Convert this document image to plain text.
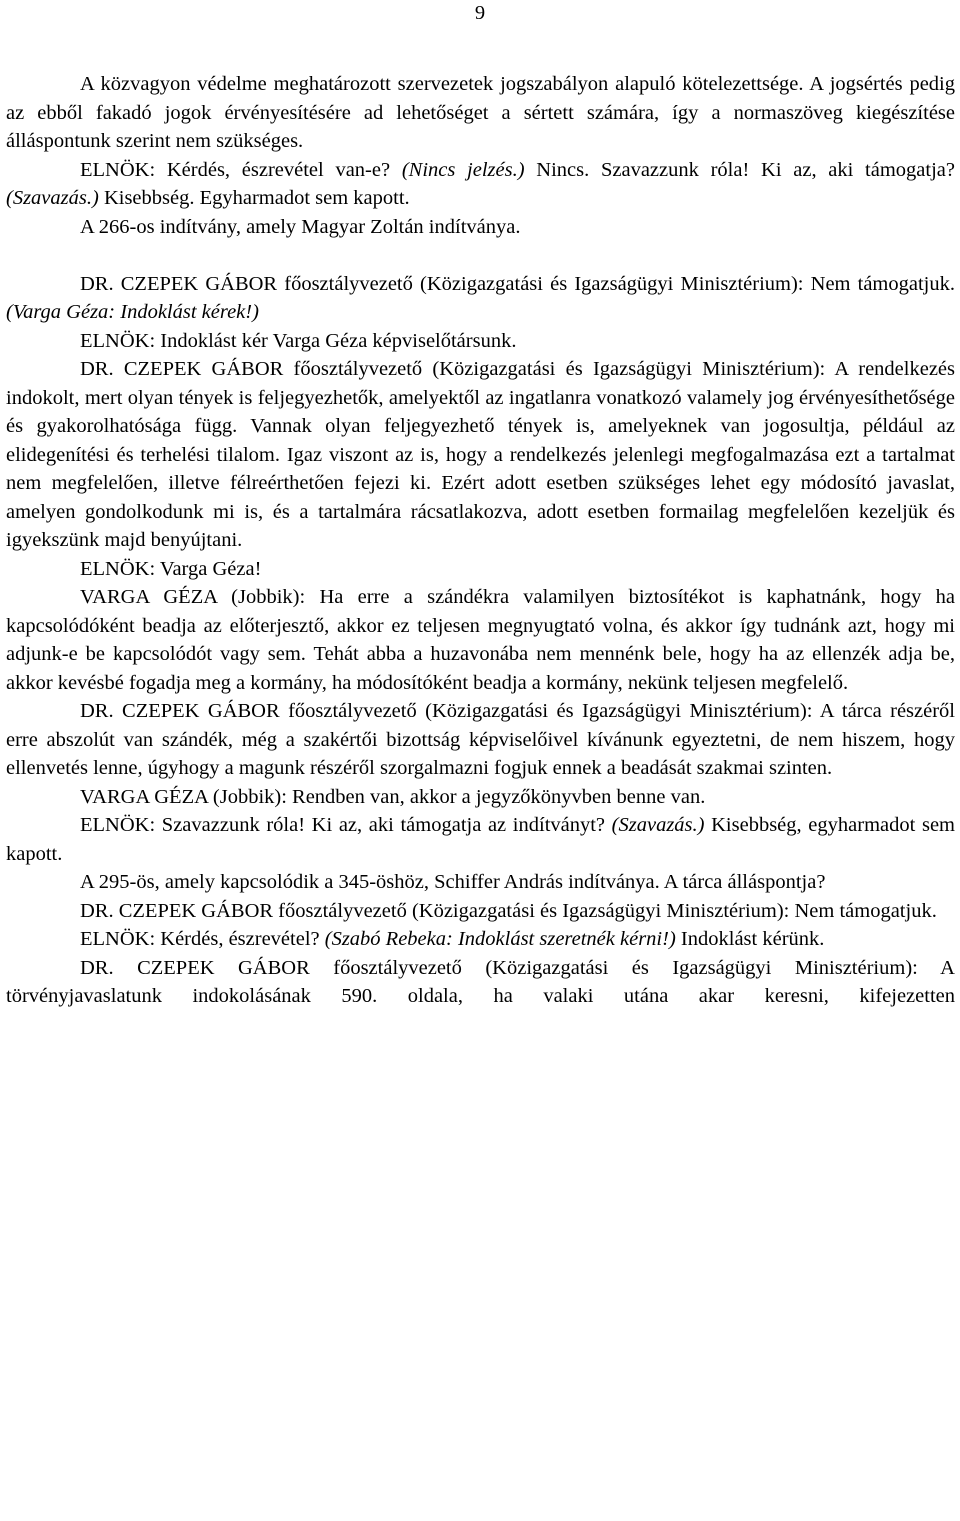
9

A közvagyon védelme meghatározott szervezetek jogszabályon alapuló kötelezettsége. A jogsértés pedig az ebből fakadó jogok érvényesítésére ad lehetőséget a sértett számára, így a normaszöveg kiegészítése álláspontunk szerint nem szükséges.

ELNÖK: Kérdés, észrevétel van-e? (Nincs jelzés.) Nincs. Szavazzunk róla! Ki az, aki támogatja? (Szavazás.) Kisebbség. Egyharmadot sem kapott.

A 266-os indítvány, amely Magyar Zoltán indítványa.

DR. CZEPEK GÁBOR főosztályvezető (Közigazgatási és Igazságügyi Minisztérium): Nem támogatjuk. (Varga Géza: Indoklást kérek!)

ELNÖK: Indoklást kér Varga Géza képviselőtársunk.

DR. CZEPEK GÁBOR főosztályvezető (Közigazgatási és Igazságügyi Minisztérium): A rendelkezés indokolt, mert olyan tények is feljegyezhetők, amelyektől az ingatlanra vonatkozó valamely jog érvényesíthetősége és gyakorolhatósága függ. Vannak olyan feljegyezhető tények is, amelyeknek van jogosultja, például az elidegenítési és terhelési tilalom. Igaz viszont az is, hogy a rendelkezés jelenlegi megfogalmazása ezt a tartalmat nem megfelelően, illetve félreérthetően fejezi ki. Ezért adott esetben szükséges lehet egy módosító javaslat, amelyen gondolkodunk mi is, és a tartalmára rácsatlakozva, adott esetben formailag megfelelően kezeljük és igyekszünk majd benyújtani.

ELNÖK: Varga Géza!

VARGA GÉZA (Jobbik): Ha erre a szándékra valamilyen biztosítékot is kaphatnánk, hogy ha kapcsolódóként beadja az előterjesztő, akkor ez teljesen megnyugtató volna, és akkor így tudnánk azt, hogy mi adjunk-e be kapcsolódót vagy sem. Tehát abba a huzavonába nem mennénk bele, hogy ha az ellenzék adja be, akkor kevésbé fogadja meg a kormány, ha módosítóként beadja a kormány, nekünk teljesen megfelelő.

DR. CZEPEK GÁBOR főosztályvezető (Közigazgatási és Igazságügyi Minisztérium): A tárca részéről erre abszolút van szándék, még a szakértői bizottság képviselőivel kívánunk egyeztetni, de nem hiszem, hogy ellenvetés lenne, úgyhogy a magunk részéről szorgalmazni fogjuk ennek a beadását szakmai szinten.

VARGA GÉZA (Jobbik): Rendben van, akkor a jegyzőkönyvben benne van.

ELNÖK: Szavazzunk róla! Ki az, aki támogatja az indítványt? (Szavazás.) Kisebbség, egyharmadot sem kapott.

A 295-ös, amely kapcsolódik a 345-öshöz, Schiffer András indítványa. A tárca álláspontja?

DR. CZEPEK GÁBOR főosztályvezető (Közigazgatási és Igazságügyi Minisztérium): Nem támogatjuk.

ELNÖK: Kérdés, észrevétel? (Szabó Rebeka: Indoklást szeretnék kérni!) Indoklást kérünk.

DR. CZEPEK GÁBOR főosztályvezető (Közigazgatási és Igazságügyi Minisztérium): A törvényjavaslatunk indokolásának 590. oldala, ha valaki utána akar keresni, kifejezetten
